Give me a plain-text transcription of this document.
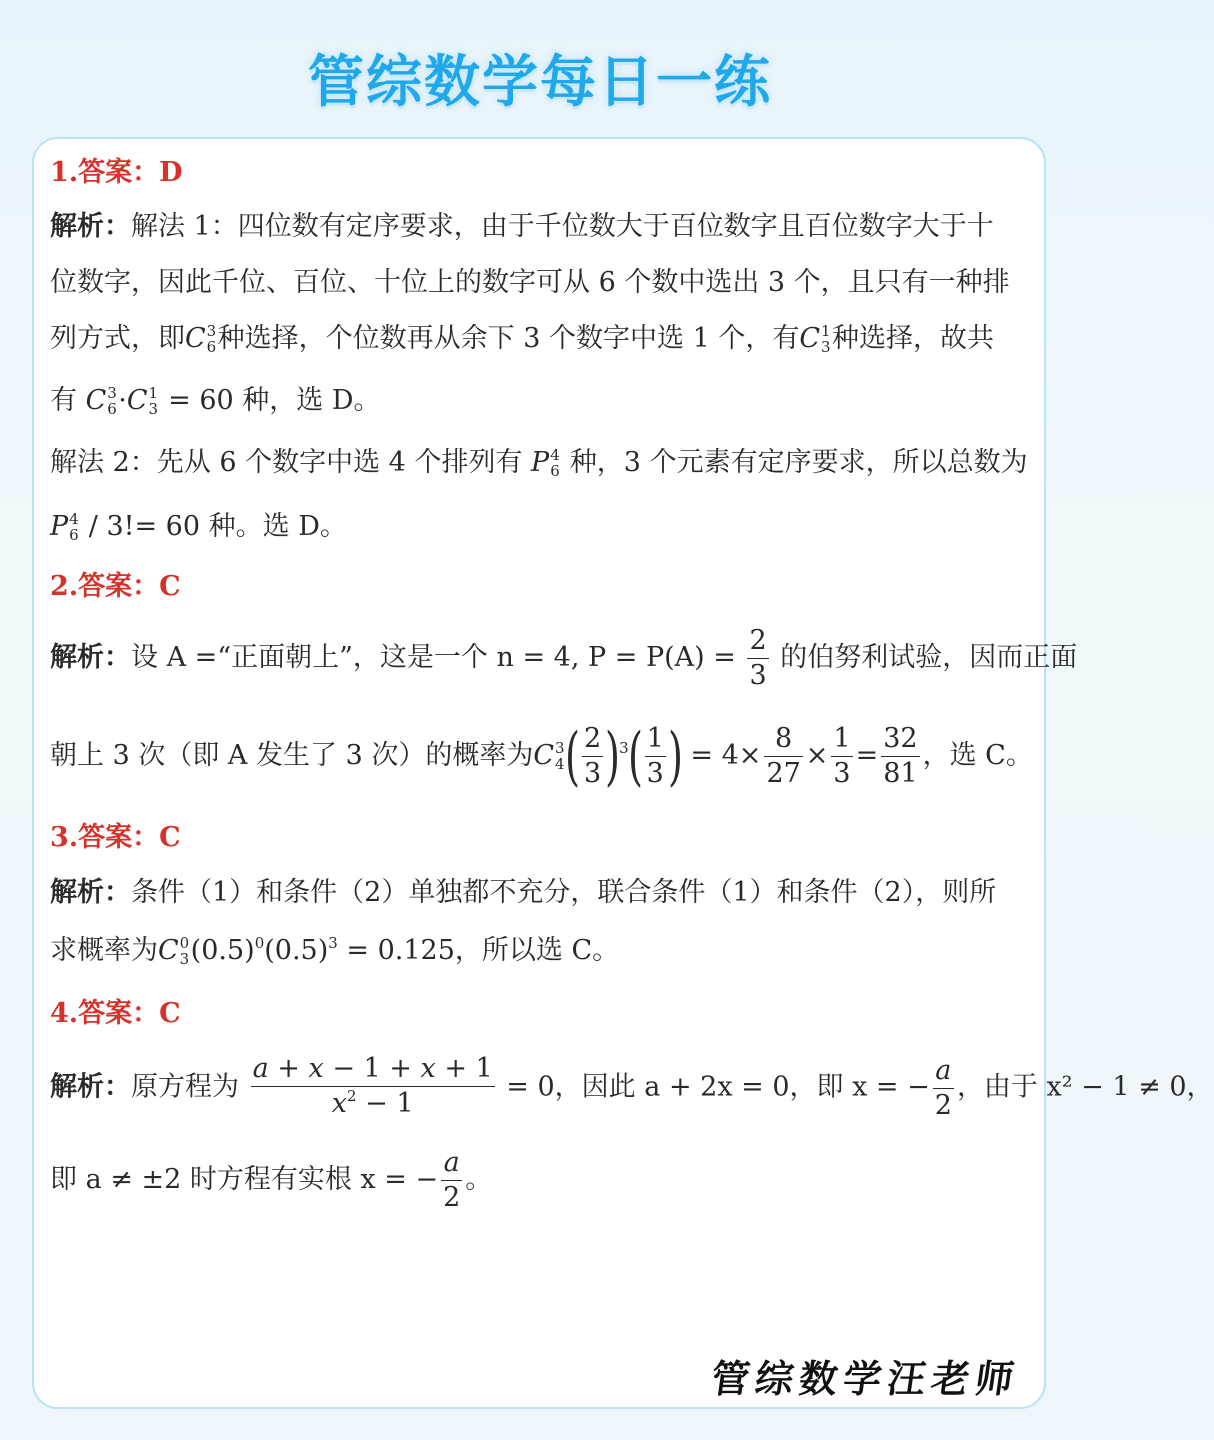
管综数学每日一练
1.答案：D
解析：解法 1：四位数有定序要求，由于千位数大于百位数字且百位数字大于十
位数字，因此千位、百位、十位上的数字可从 6 个数中选出 3 个，且只有一种排
列方式，即C 3
6 种选择，个位数再从余下 3 个数字中选 1 个，有C 1
3 种选择，故共
有 C 3
6 ·C 1
3 = 60 种，选 D。
解法 2：先从 6 个数字中选 4 个排列有 P 4
6 种，3 个元素有定序要求，所以总数为
P 4
6 / 3!= 60 种。选 D。
2.答案：C
解析：设 A =“正面朝上”，这是一个 n = 4, $P = P(A) = \frac{2}{3}$ 的伯努利试验，因而正面
朝上 3 次（即 A 发生了 3 次）的概率为C 3
4 ( $\frac{2}{3} )^3( \frac{1}{3}$ ) = $4\times \frac{8}{27} \times \frac{1}{3} = \frac{32}{81}$ ，选 C。
3.答案：C
解析：条件（1）和条件（2）单独都不充分，联合条件（1）和条件（2），则所
求概率为C 0
3 $(0.5)^0(0.5)^3 = 0.125$，所以选 C。
4.答案：C
解析：原方程为 $\frac{a + x - 1 + x + 1}{x^2 - 1} = 0$，因此 a + 2x = 0，即 x = − $\frac{a}{2}$ ，由于 x² − 1 ≠ 0，
即 a ≠ ±2 时方程有实根 x = − $\frac{a}{2}$ 。
管综数学汪老师
